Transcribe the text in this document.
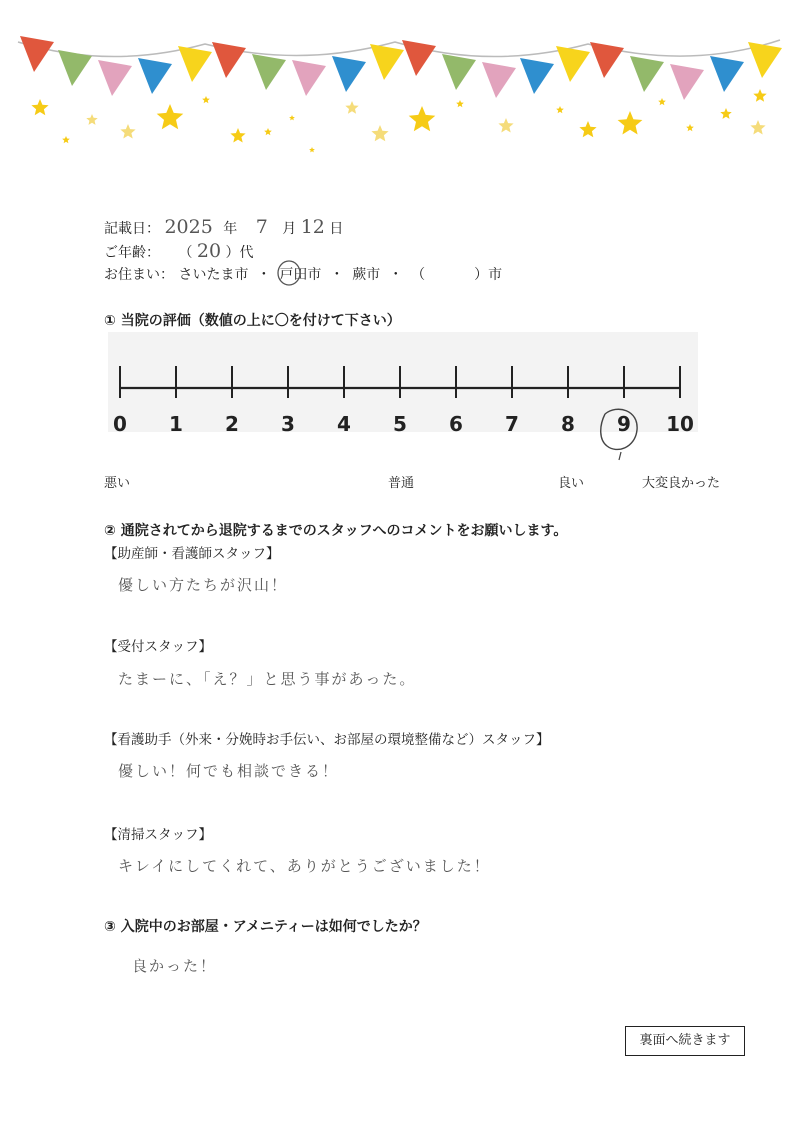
記載日： 2025 年 7 月 12 日
ご年齢： （ 20 ）代
お住まい： さいたま市 ・ 戸田市 ・ 蕨市 ・ （	）市
① 当院の評価（数値の上に〇を付けて下さい）
0	1	2	3	4	5	6	7	8	9	10
悪い	普通	良い	大変良かった
② 通院されてから退院するまでのスタッフへのコメントをお願いします。
【助産師・看護師スタッフ】
優しい方たちが沢山！
【受付スタッフ】
たまーに、「え？」と思う事があった。
【看護助手（外来・分娩時お手伝い、お部屋の環境整備など）スタッフ】
優しい！何でも相談できる！
【清掃スタッフ】
キレイにしてくれて、ありがとうございました！
③ 入院中のお部屋・アメニティーは如何でしたか？
良かった！
裏面へ続きます
